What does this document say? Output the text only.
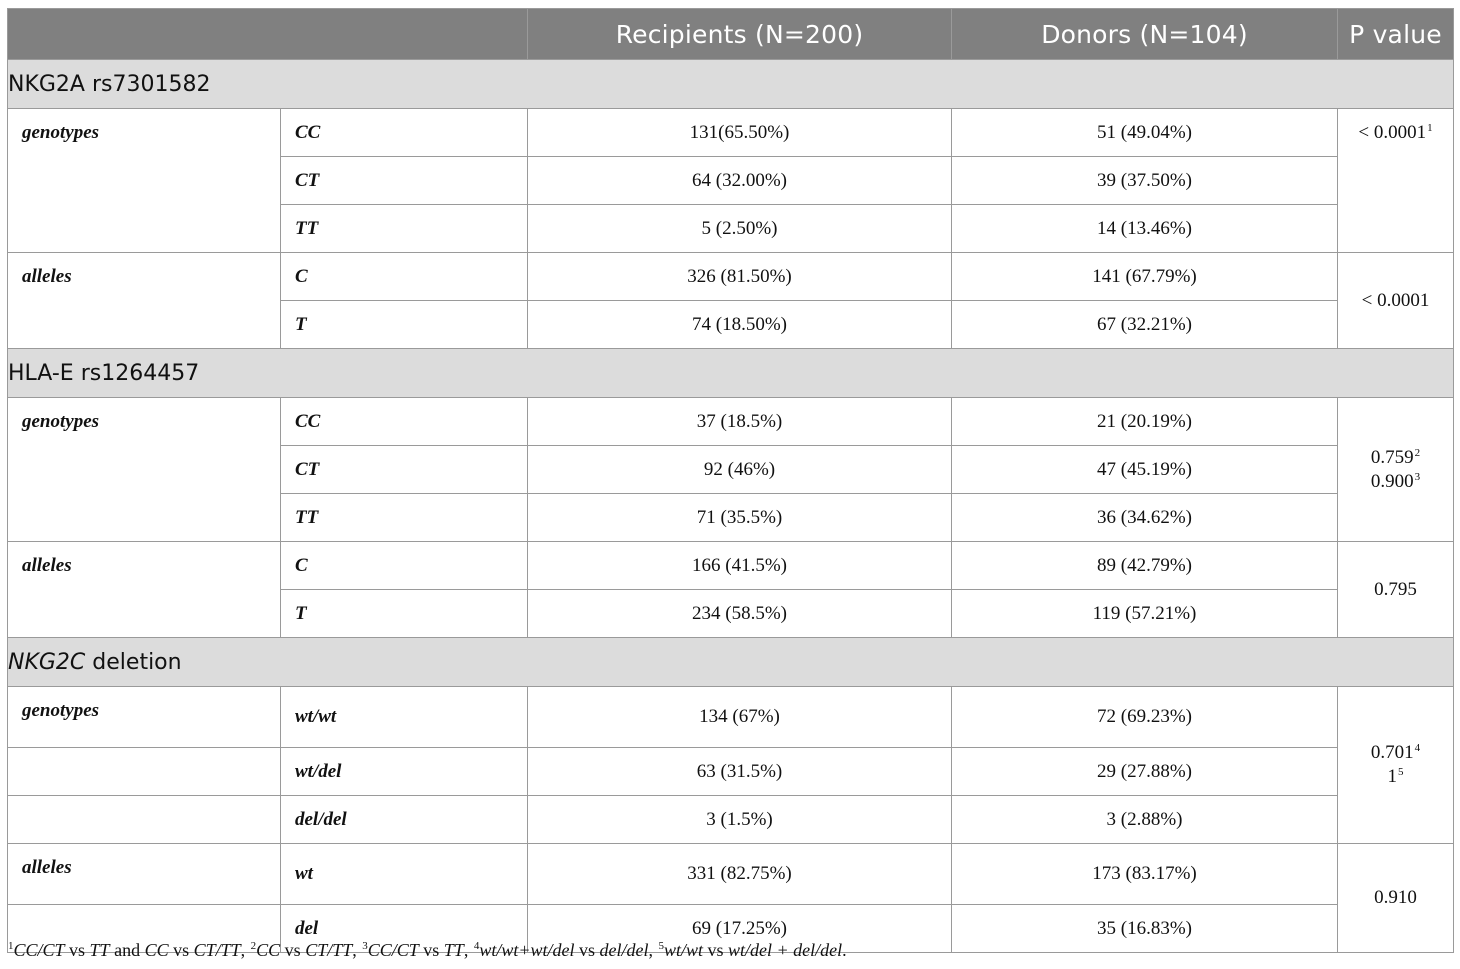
		Recipients (N=200)	Donors (N=104)	P value
NKG2A rs7301582				
genotypes	CC	131(65.50%)	51 (49.04%)	< $0.0001^1$
	CT	64 (32.00%)	39 (37.50%)	
	TT	5 (2.50%)	14 (13.46%)	
alleles	C	326 (81.50%)	141 (67.79%)	< 0.0001
	T	74 (18.50%)	67 (32.21%)	
HLA-E rs1264457				
genotypes	CC	37 (18.5%)	21 (20.19%)	0.759$^2$
0.900$^3$

	CT	92 (46%)	47 (45.19%)	
	TT	71 (35.5%)	36 (34.62%)	
alleles	C	166 (41.5%)	89 (42.79%)	0.795
	T	234 (58.5%)	119 (57.21%)	
NKG2C deletion				
genotypes	wt/wt	134 (67%)	72 (69.23%)	0.701$^4$
$1^5$

	wt/del	63 (31.5%)	29 (27.88%)	
	del/del	3 (1.5%)	3 (2.88%)	
alleles	wt	331 (82.75%)	173 (83.17%)	0.910
	del	69 (17.25%)	35 (16.83%)	
$^1$CC/CT vs TT and CC vs CT/TT, $^2$CC vs CT/TT, $^3$CC/CT vs TT, $^4$wt/wt+wt/del vs del/del, $^5$wt/wt vs wt/del + del/del.
